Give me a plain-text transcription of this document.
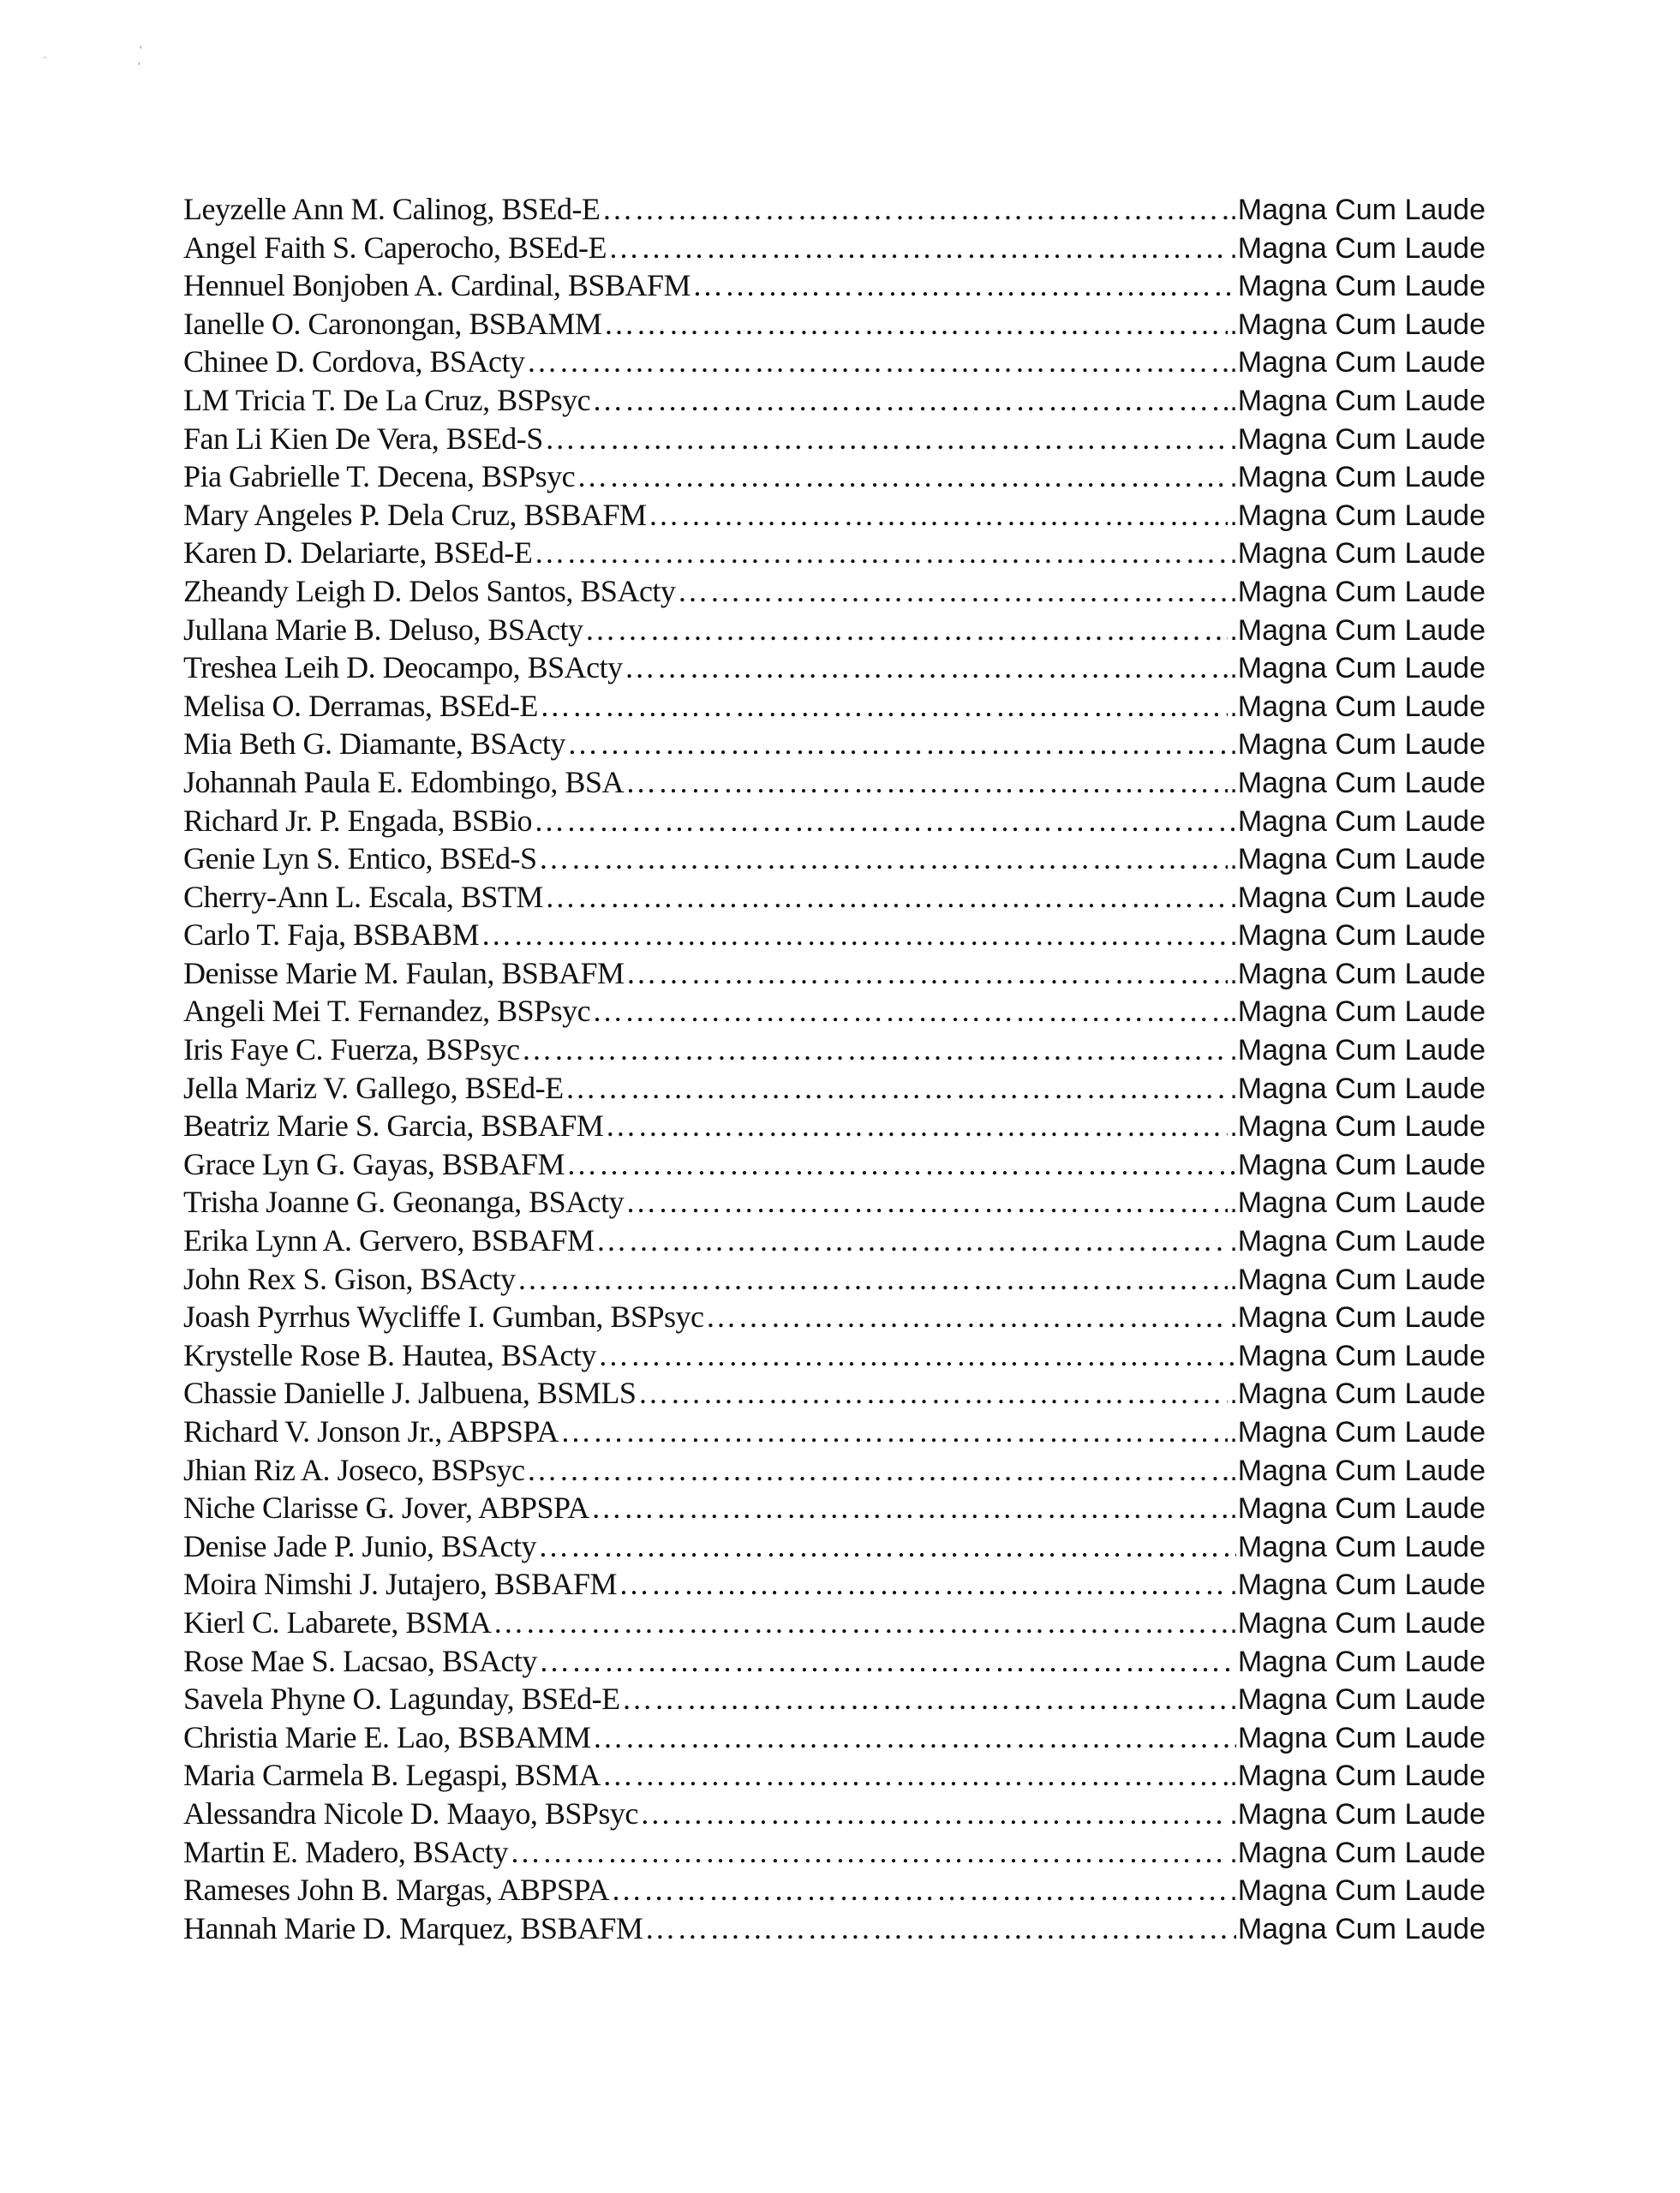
·
‘
’
Leyzelle Ann M. Calinog, BSEd-E ………………………………………………………………………………………………………………………………………………………………	.Magna Cum Laude
Angel Faith S. Caperocho, BSEd-E ………………………………………………………………………………………………………………………………………………………………	.Magna Cum Laude
Hennuel Bonjoben A. Cardinal, BSBAFM ………………………………………………………………………………………………………………………………………………………………	Magna Cum Laude
Ianelle O. Caronongan, BSBAMM ………………………………………………………………………………………………………………………………………………………………	.Magna Cum Laude
Chinee D. Cordova, BSActy ………………………………………………………………………………………………………………………………………………………………	.Magna Cum Laude
LM Tricia T. De La Cruz, BSPsyc ………………………………………………………………………………………………………………………………………………………………	.Magna Cum Laude
Fan Li Kien De Vera, BSEd-S ………………………………………………………………………………………………………………………………………………………………	.Magna Cum Laude
Pia Gabrielle T. Decena, BSPsyc ………………………………………………………………………………………………………………………………………………………………	.Magna Cum Laude
Mary Angeles P. Dela Cruz, BSBAFM ………………………………………………………………………………………………………………………………………………………………	.Magna Cum Laude
Karen D. Delariarte, BSEd-E ………………………………………………………………………………………………………………………………………………………………	.Magna Cum Laude
Zheandy Leigh D. Delos Santos, BSActy ………………………………………………………………………………………………………………………………………………………………	.Magna Cum Laude
Jullana Marie B. Deluso, BSActy ………………………………………………………………………………………………………………………………………………………………	.Magna Cum Laude
Treshea Leih D. Deocampo, BSActy ………………………………………………………………………………………………………………………………………………………………	.Magna Cum Laude
Melisa O. Derramas, BSEd-E ………………………………………………………………………………………………………………………………………………………………	.Magna Cum Laude
Mia Beth G. Diamante, BSActy ………………………………………………………………………………………………………………………………………………………………	.Magna Cum Laude
Johannah Paula E. Edombingo, BSA ………………………………………………………………………………………………………………………………………………………………	.Magna Cum Laude
Richard Jr. P. Engada, BSBio ………………………………………………………………………………………………………………………………………………………………	Magna Cum Laude
Genie Lyn S. Entico, BSEd-S ………………………………………………………………………………………………………………………………………………………………	.Magna Cum Laude
Cherry-Ann L. Escala, BSTM ………………………………………………………………………………………………………………………………………………………………	.Magna Cum Laude
Carlo T. Faja, BSBABM ………………………………………………………………………………………………………………………………………………………………	.Magna Cum Laude
Denisse Marie M. Faulan, BSBAFM ………………………………………………………………………………………………………………………………………………………………	.Magna Cum Laude
Angeli Mei T. Fernandez, BSPsyc ………………………………………………………………………………………………………………………………………………………………	.Magna Cum Laude
Iris Faye C. Fuerza, BSPsyc ………………………………………………………………………………………………………………………………………………………………	.Magna Cum Laude
Jella Mariz V. Gallego, BSEd-E ………………………………………………………………………………………………………………………………………………………………	.Magna Cum Laude
Beatriz Marie S. Garcia, BSBAFM ………………………………………………………………………………………………………………………………………………………………	.Magna Cum Laude
Grace Lyn G. Gayas, BSBAFM ………………………………………………………………………………………………………………………………………………………………	Magna Cum Laude
Trisha Joanne G. Geonanga, BSActy ………………………………………………………………………………………………………………………………………………………………	.Magna Cum Laude
Erika Lynn A. Gervero, BSBAFM ………………………………………………………………………………………………………………………………………………………………	.Magna Cum Laude
John Rex S. Gison, BSActy ………………………………………………………………………………………………………………………………………………………………	.Magna Cum Laude
Joash Pyrrhus Wycliffe I. Gumban, BSPsyc ………………………………………………………………………………………………………………………………………………………………	.Magna Cum Laude
Krystelle Rose B. Hautea, BSActy ………………………………………………………………………………………………………………………………………………………………	Magna Cum Laude
Chassie Danielle J. Jalbuena, BSMLS ………………………………………………………………………………………………………………………………………………………………	.Magna Cum Laude
Richard V. Jonson Jr., ABPSPA ………………………………………………………………………………………………………………………………………………………………	.Magna Cum Laude
Jhian Riz A. Joseco, BSPsyc ………………………………………………………………………………………………………………………………………………………………	.Magna Cum Laude
Niche Clarisse G. Jover, ABPSPA ………………………………………………………………………………………………………………………………………………………………	.Magna Cum Laude
Denise Jade P. Junio, BSActy ………………………………………………………………………………………………………………………………………………………………	Magna Cum Laude
Moira Nimshi J. Jutajero, BSBAFM ………………………………………………………………………………………………………………………………………………………………	.Magna Cum Laude
Kierl C. Labarete, BSMA ………………………………………………………………………………………………………………………………………………………………	.Magna Cum Laude
Rose Mae S. Lacsao, BSActy ………………………………………………………………………………………………………………………………………………………………	Magna Cum Laude
Savela Phyne O. Lagunday, BSEd-E ………………………………………………………………………………………………………………………………………………………………	.Magna Cum Laude
Christia Marie E. Lao, BSBAMM ………………………………………………………………………………………………………………………………………………………………	Magna Cum Laude
Maria Carmela B. Legaspi, BSMA ………………………………………………………………………………………………………………………………………………………………	.Magna Cum Laude
Alessandra Nicole D. Maayo, BSPsyc ………………………………………………………………………………………………………………………………………………………………	.Magna Cum Laude
Martin E. Madero, BSActy ………………………………………………………………………………………………………………………………………………………………	.Magna Cum Laude
Rameses John B. Margas, ABPSPA ………………………………………………………………………………………………………………………………………………………………	.Magna Cum Laude
Hannah Marie D. Marquez, BSBAFM ………………………………………………………………………………………………………………………………………………………………	Magna Cum Laude
